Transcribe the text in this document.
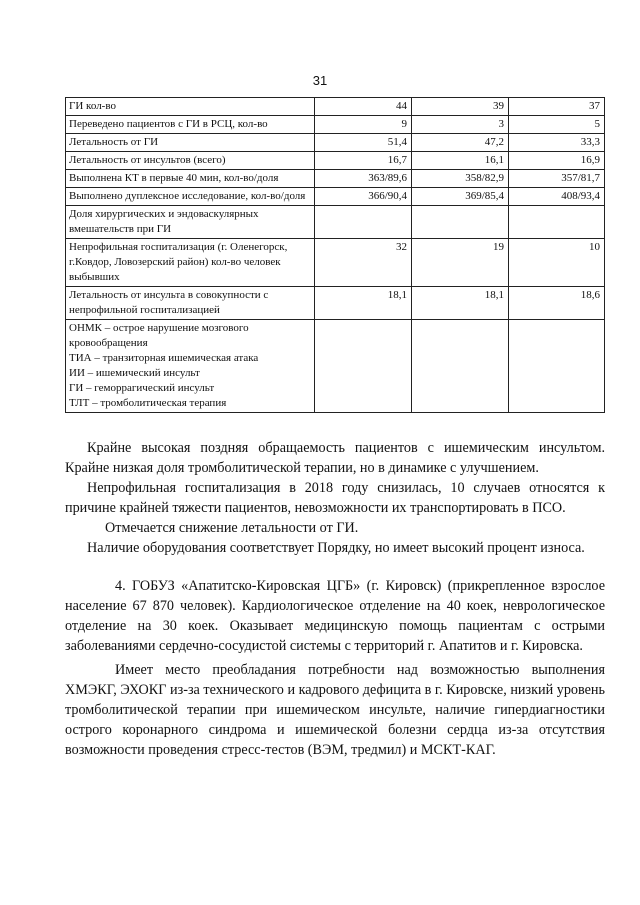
31
ГИ кол-во	44	39	37
Переведено пациентов с ГИ в РСЦ, кол-во	9	3	5
Летальность от ГИ	51,4	47,2	33,3
Летальность от инсультов (всего)	16,7	16,1	16,9
Выполнена КТ в первые 40 мин, кол-во/доля	363/89,6	358/82,9	357/81,7
Выполнено дуплексное исследование, кол-во/доля	366/90,4	369/85,4	408/93,4
Доля хирургических и эндоваскулярных вмешательств при ГИ			
Непрофильная госпитализация (г. Оленегорск, г.Ковдор, Ловозерский район) кол-во человек выбывших	32	19	10
Летальность от инсульта в совокупности с непрофильной госпитализацией	18,1	18,1	18,6

ОНМК – острое нарушение мозгового кровообращения
ТИА – транзиторная ишемическая атака
ИИ – ишемический инсульт
ГИ – геморрагический инсульт
ТЛТ – тромболитическая терапия			

Крайне высокая поздняя обращаемость пациентов с ишемическим инсультом. Крайне низкая доля тромболитической терапии, но в динамике с улучшением.

Непрофильная госпитализация в 2018 году снизилась, 10 случаев относятся к причине крайней тяжести пациентов, невозможности их транспортировать в ПСО.

Отмечается снижение летальности от ГИ.

Наличие оборудования соответствует Порядку, но имеет высокий процент износа.

4. ГОБУЗ «Апатитско-Кировская ЦГБ» (г. Кировск) (прикрепленное взрослое население 67 870 человек). Кардиологическое отделение на 40 коек, неврологическое отделение на 30 коек. Оказывает медицинскую помощь пациентам с острыми заболеваниями сердечно-сосудистой системы с территорий г. Апатитов и г. Кировска.

Имеет место преобладания потребности над возможностью выполнения ХМЭКГ, ЭХОКГ из-за технического и кадрового дефицита в г. Кировске, низкий уровень тромболитической терапии при ишемическом инсульте, наличие гипердиагностики острого коронарного синдрома и ишемической болезни сердца из-за отсутствия возможности проведения стресс-тестов (ВЭМ, тредмил) и МСКТ-КАГ.
